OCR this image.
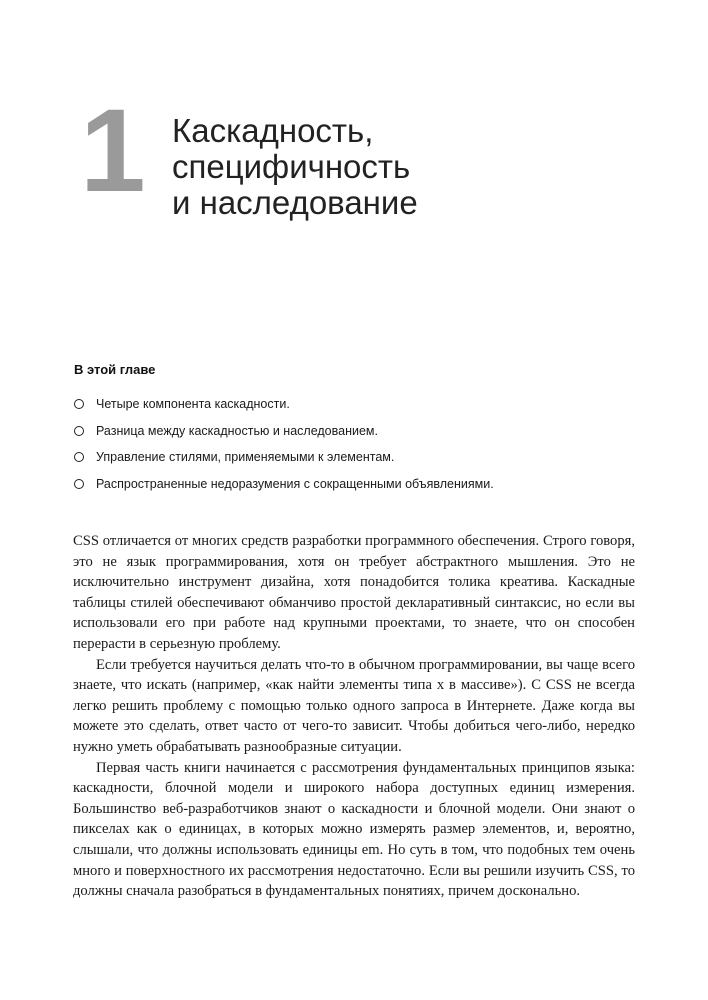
1 Каскадность,
специфичность
и наследование
В этой главе
Четыре компонента каскадности.
Разница между каскадностью и наследованием.
Управление стилями, применяемыми к элементам.
Распространенные недоразумения с сокращенными объявлениями.

CSS отличается от многих средств разработки программного обеспечения. Строго говоря, это не язык программирования, хотя он требует абстрактного мышления. Это не исключительно инструмент дизайна, хотя понадобится толика креатива. Каскадные таблицы стилей обеспечивают обманчиво простой декларативный синтаксис, но если вы использовали его при работе над крупными проектами, то знаете, что он способен перерасти в серьезную проблему.

Если требуется научиться делать что-то в обычном программировании, вы чаще всего знаете, что искать (например, «как найти элементы типа x в массиве»). С CSS не всегда легко решить проблему с помощью только одного запроса в Интернете. Даже когда вы можете это сделать, ответ часто от чего-то зависит. Чтобы добиться чего-либо, нередко нужно уметь обрабатывать разнообразные ситуации.

Первая часть книги начинается с рассмотрения фундаментальных принципов языка: каскадности, блочной модели и широкого набора доступных единиц измерения. Большинство веб-разработчиков знают о каскадности и блочной модели. Они знают о пикселах как о единицах, в которых можно измерять размер элементов, и, вероятно, слышали, что должны использовать единицы em. Но суть в том, что подобных тем очень много и поверхностного их рассмотрения недостаточно. Если вы решили изучить CSS, то должны сначала разобраться в фундаментальных понятиях, причем досконально.
